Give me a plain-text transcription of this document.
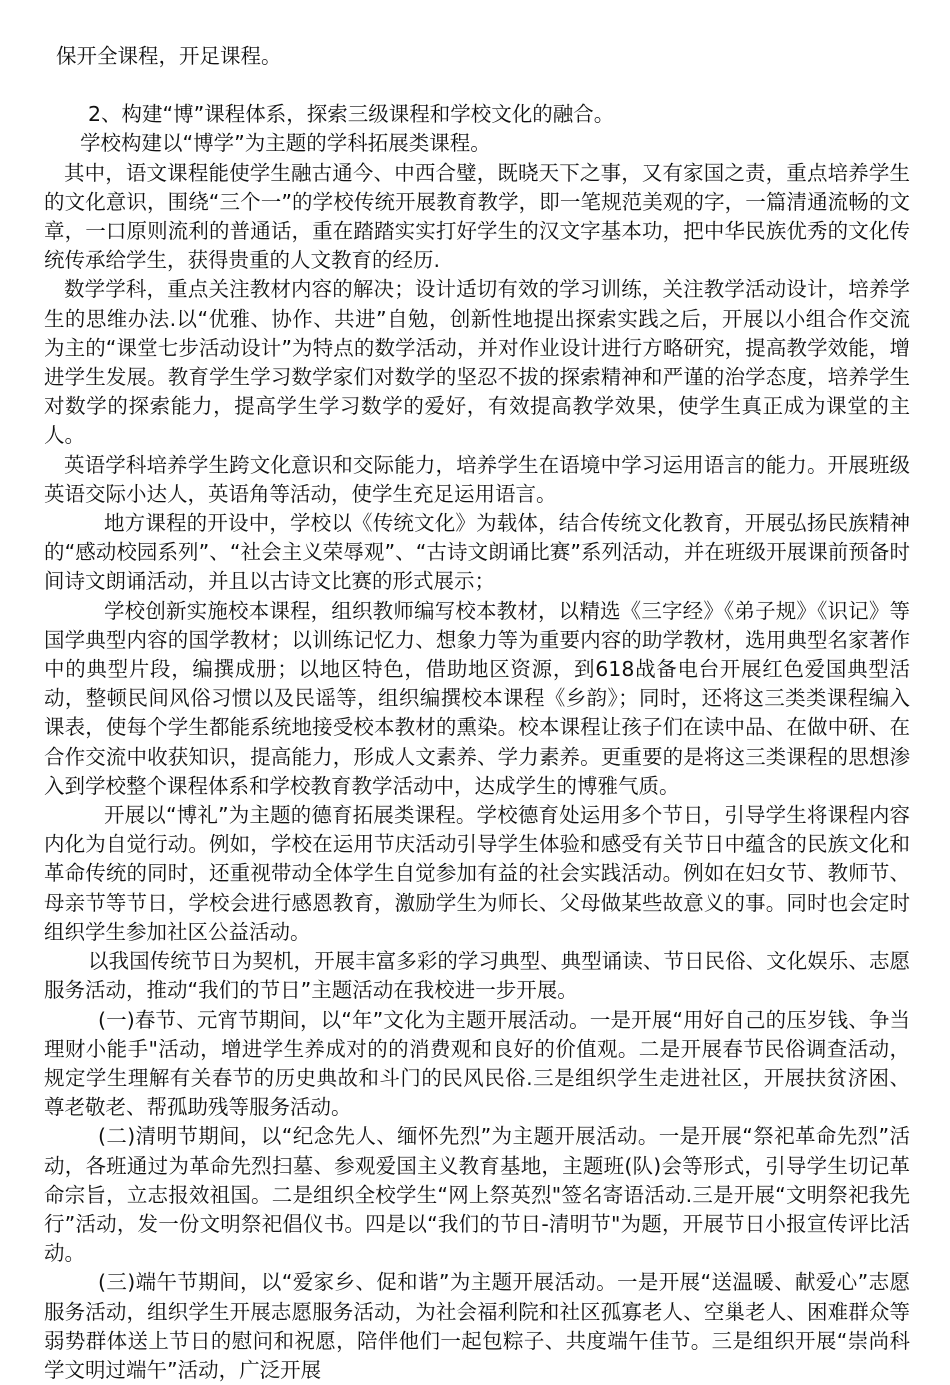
保开全课程，开足课程。

2、构建“博”课程体系，探索三级课程和学校文化的融合。

学校构建以“博学”为主题的学科拓展类课程。

其中，语文课程能使学生融古通今、中西合璧，既晓天下之事，又有家国之责，重点培养学生的文化意识，围绕“三个一”的学校传统开展教育教学，即一笔规范美观的字，一篇清通流畅的文章，一口原则流利的普通话，重在踏踏实实打好学生的汉文字基本功，把中华民族优秀的文化传统传承给学生，获得贵重的人文教育的经历.

数学学科，重点关注教材内容的解决；设计适切有效的学习训练，关注教学活动设计，培养学生的思维办法.以“优雅、协作、共进”自勉，创新性地提出探索实践之后，开展以小组合作交流为主的“课堂七步活动设计”为特点的数学活动，并对作业设计进行方略研究，提高教学效能，增进学生发展。教育学生学习数学家们对数学的坚忍不拔的探索精神和严谨的治学态度，培养学生对数学的探索能力，提高学生学习数学的爱好，有效提高教学效果，使学生真正成为课堂的主人。

英语学科培养学生跨文化意识和交际能力，培养学生在语境中学习运用语言的能力。开展班级英语交际小达人，英语角等活动，使学生充足运用语言。

地方课程的开设中，学校以《传统文化》为载体，结合传统文化教育，开展弘扬民族精神的“感动校园系列”、“社会主义荣辱观”、“古诗文朗诵比赛”系列活动，并在班级开展课前预备时间诗文朗诵活动，并且以古诗文比赛的形式展示；

学校创新实施校本课程，组织教师编写校本教材，以精选《三字经》《弟子规》《识记》等国学典型内容的国学教材；以训练记忆力、想象力等为重要内容的助学教材，选用典型名家著作中的典型片段，编撰成册；以地区特色，借助地区资源，到618战备电台开展红色爱国典型活动，整顿民间风俗习惯以及民谣等，组织编撰校本课程《乡韵》；同时，还将这三类类课程编入课表，使每个学生都能系统地接受校本教材的熏染。校本课程让孩子们在读中品、在做中研、在合作交流中收获知识，提高能力，形成人文素养、学力素养。更重要的是将这三类课程的思想渗入到学校整个课程体系和学校教育教学活动中，达成学生的博雅气质。

开展以“博礼”为主题的德育拓展类课程。学校德育处运用多个节日，引导学生将课程内容内化为自觉行动。例如，学校在运用节庆活动引导学生体验和感受有关节日中蕴含的民族文化和革命传统的同时，还重视带动全体学生自觉参加有益的社会实践活动。例如在妇女节、教师节、母亲节等节日，学校会进行感恩教育，激励学生为师长、父母做某些故意义的事。同时也会定时组织学生参加社区公益活动。

以我国传统节日为契机，开展丰富多彩的学习典型、典型诵读、节日民俗、文化娱乐、志愿服务活动，推动“我们的节日”主题活动在我校进一步开展。

(一)春节、元宵节期间，以“年”文化为主题开展活动。一是开展“用好自己的压岁钱、争当理财小能手"活动，增进学生养成对的的消费观和良好的价值观。二是开展春节民俗调查活动，规定学生理解有关春节的历史典故和斗门的民风民俗.三是组织学生走进社区，开展扶贫济困、尊老敬老、帮孤助残等服务活动。

(二)清明节期间，以“纪念先人、缅怀先烈”为主题开展活动。一是开展“祭祀革命先烈”活动，各班通过为革命先烈扫墓、参观爱国主义教育基地，主题班(队)会等形式，引导学生切记革命宗旨，立志报效祖国。二是组织全校学生“网上祭英烈"签名寄语活动.三是开展“文明祭祀我先行”活动，发一份文明祭祀倡仪书。四是以“我们的节日-清明节"为题，开展节日小报宣传评比活动。

(三)端午节期间，以“爱家乡、促和谐”为主题开展活动。一是开展“送温暖、献爱心”志愿服务活动，组织学生开展志愿服务活动，为社会福利院和社区孤寡老人、空巢老人、困难群众等弱势群体送上节日的慰问和祝愿，陪伴他们一起包粽子、共度端午佳节。三是组织开展“崇尚科学文明过端午”活动，广泛开展
